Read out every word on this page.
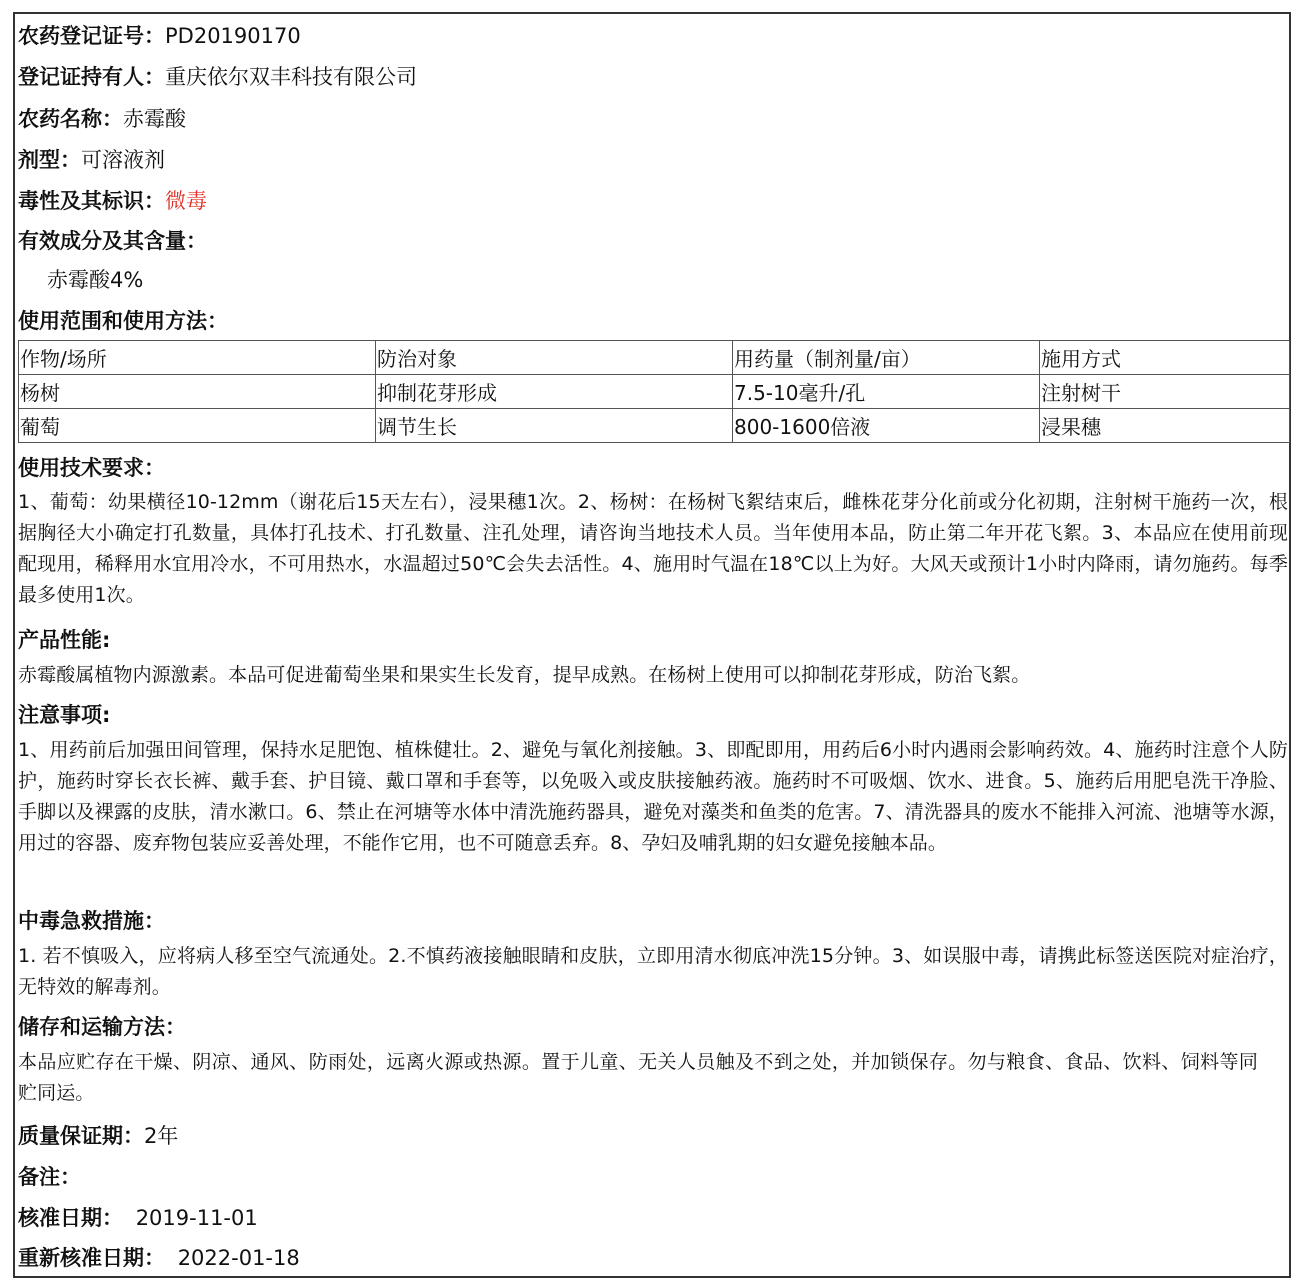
农药登记证号：PD20190170
登记证持有人：重庆依尔双丰科技有限公司
农药名称：赤霉酸
剂型：可溶液剂
毒性及其标识：微毒
有效成分及其含量：
赤霉酸4%
使用范围和使用方法：
作物/场所	防治对象	用药量（制剂量/亩）	施用方式
杨树	抑制花芽形成	7.5-10毫升/孔	注射树干
葡萄	调节生长	800-1600倍液	浸果穗
使用技术要求：
1、葡萄：幼果横径10-12mm（谢花后15天左右），浸果穗1次。2、杨树：在杨树飞絮结束后，雌株花芽分化前或分化初期，注射树干施药一次，根据胸径大小确定打孔数量，具体打孔技术、打孔数量、注孔处理，请咨询当地技术人员。当年使用本品，防止第二年开花飞絮。3、本品应在使用前现配现用，稀释用水宜用冷水，不可用热水，水温超过50℃会失去活性。4、施用时气温在18℃以上为好。大风天或预计1小时内降雨，请勿施药。每季最多使用1次。
产品性能:
赤霉酸属植物内源激素。本品可促进葡萄坐果和果实生长发育，提早成熟。在杨树上使用可以抑制花芽形成，防治飞絮。
注意事项:
1、用药前后加强田间管理，保持水足肥饱、植株健壮。2、避免与氧化剂接触。3、即配即用，用药后6小时内遇雨会影响药效。4、施药时注意个人防护，施药时穿长衣长裤、戴手套、护目镜、戴口罩和手套等，以免吸入或皮肤接触药液。施药时不可吸烟、饮水、进食。5、施药后用肥皂洗干净脸、手脚以及裸露的皮肤，清水漱口。6、禁止在河塘等水体中清洗施药器具，避免对藻类和鱼类的危害。7、清洗器具的废水不能排入河流、池塘等水源，用过的容器、废弃物包装应妥善处理，不能作它用，也不可随意丢弃。8、孕妇及哺乳期的妇女避免接触本品。
中毒急救措施：
1. 若不慎吸入，应将病人移至空气流通处。2.不慎药液接触眼睛和皮肤，立即用清水彻底冲洗15分钟。3、如误服中毒，请携此标签送医院对症治疗，无特效的解毒剂。
储存和运输方法：
本品应贮存在干燥、阴凉、通风、防雨处，远离火源或热源。置于儿童、无关人员触及不到之处，并加锁保存。勿与粮食、食品、饮料、饲料等同贮同运。
质量保证期：2年
备注：
核准日期： 2019-11-01
重新核准日期： 2022-01-18
